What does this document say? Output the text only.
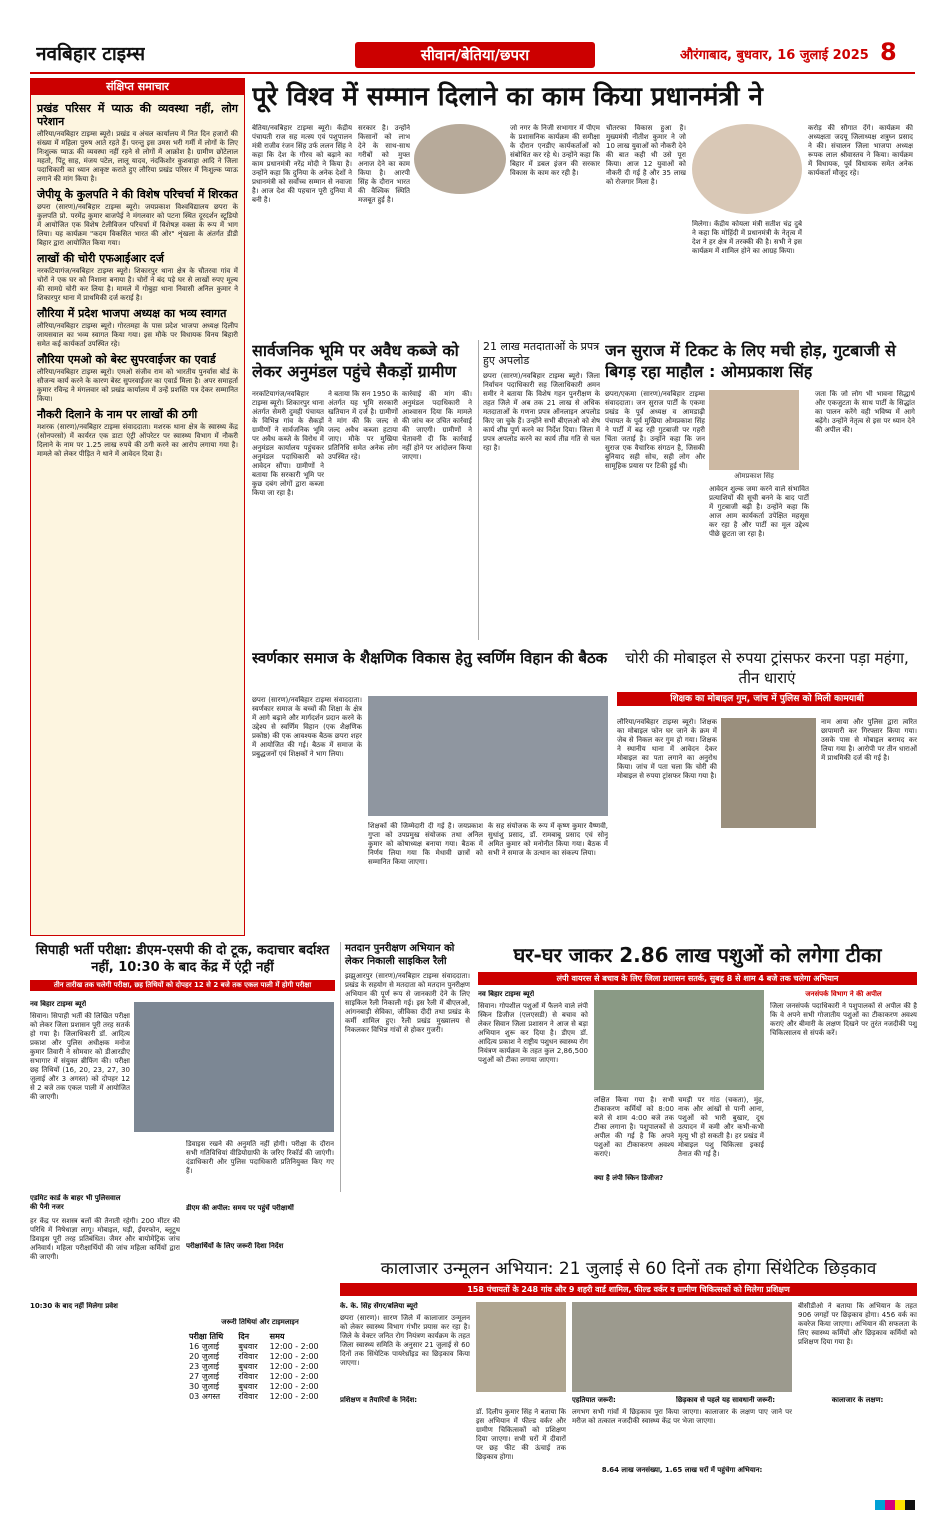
नवबिहार टाइम्स	सीवान/बेतिया/छपरा	औरंगाबाद, बुधवार, 16 जुलाई 2025 8
संक्षिप्त समाचार
प्रखंड परिसर में प्याऊ की व्यवस्था नहीं, लोग परेशान

लौरिया/नवबिहार टाइम्स ब्यूरो। प्रखंड व अंचल कार्यालय में नित दिन हजारों की संख्या में महिला पुरुष आते रहते हैं। परन्तु इस उमस भरी गर्मी में लोगों के लिए निःशुल्क प्याऊ की व्यवस्था नहीं रहने से लोगों में आक्रोश है। ग्रामीण छोटेलाल महतो, पिंटू साह, मंजय पटेल, लालू यादव, नंदकिशोर कुशवाहा आदि ने जिला पदाधिकारी का ध्यान आकृष्ट कराते हुए लौरिया प्रखंड परिसर में निःशुल्क प्याऊ लगाने की मांग किया है।

जेपीयू के कुलपति ने की विशेष परिचर्चा में शिरकत

छपरा (सारण)/नवबिहार टाइम्स ब्यूरो। जयप्रकाश विश्वविद्यालय छपरा के कुलपति प्रो. परमेंद्र कुमार बाजपेई ने मंगलवार को पटना स्थित दूरदर्शन स्टूडियो में आयोजित एक विशेष टेलीविजन परिचर्चा में विशेषज्ञ वक्ता के रूप में भाग लिया। यह कार्यक्रम "कदम विकसित भारत की ओर" शृंखला के अंतर्गत डीडी बिहार द्वारा आयोजित किया गया।

लाखों की चोरी एफआईआर दर्ज

नरकटियागंज/नवबिहार टाइम्स ब्यूरो। शिकारपुर थाना क्षेत्र के चौतरवा गांव में चोरों ने एक घर को निशाना बनाया है। चोरों ने बंद पड़े घर से लाखों रुपए मूल्य की सामग्रे चोरी कर लिया है। मामले में गोबुहा थाना निवासी अनिल कुमार ने शिकारपुर थाना में प्राथमिकी दर्ज कराई है।

लौरिया में प्रदेश भाजपा अध्यक्ष का भव्य स्वागत

लौरिया/नवबिहार टाइम्स ब्यूरो। गोरतमहा के पास प्रदेश भाजपा अध्यक्ष दिलीप जायसवाल का भव्य स्वागत किया गया। इस मौके पर विधायक विनय बिहारी समेत कई कार्यकर्ता उपस्थित रहे।

लौरिया एमओ को बेस्ट सुपरवाईजर का एवार्ड

लौरिया/नवबिहार टाइम्स ब्यूरो। एमओ संजीव राम को भारतीय पुनर्वास बोर्ड के सौजन्य कार्य करने के कारण बेस्ट सुपरवाईजर का एवार्ड मिला है। अपर समाहर्ता कुमार रविन्द्र ने मंगलवार को प्रखंड कार्यालय में उन्हें प्रशस्ति पत्र देकर सम्मानित किया।

नौकरी दिलाने के नाम पर लाखों की ठगी

मशरक (सारण)/नवबिहार टाइम्स संवाददाता। मशरक थाना क्षेत्र के स्वास्थ्य केंद्र (सोनपरसो) में कार्यरत एक डाटा एंट्री ऑपरेटर पर स्वास्थ्य विभाग में नौकरी दिलाने के नाम पर 1.25 लाख रुपये की ठगी करने का आरोप लगाया गया है। मामले को लेकर पीड़ित ने थाने में आवेदन दिया है।

पूरे विश्व में सम्मान दिलाने का काम किया प्रधानमंत्री ने
बेतिया/नवबिहार टाइम्स ब्यूरो। केंद्रीय पंचायती राज सह मत्स्य एवं पशुपालन मंत्री राजीव रंजन सिंह उर्फ ललन सिंह ने कहा कि देश के गौरव को बढ़ाने का काम प्रधानमंत्री नरेंद्र मोदी ने किया है। उन्होंने कहा कि दुनिया के अनेक देशों ने प्रधानमंत्री को सर्वोच्च सम्मान से नवाजा है। आज देश की पहचान पूरी दुनिया में बनी है।
सरकार है। उन्होंने किसानों को लाभ देने के साथ-साथ गरीबों को मुफ्त अनाज देने का काम किया है। आरपी सिंह के दौरान भारत की वैश्विक स्थिति मजबूत हुई है।
जो नगर के निजी सभागार में पीएम के प्रशासनिक कार्यक्रम की समीक्षा के दौरान एनडीए कार्यकर्ताओं को संबोधित कर रहे थे। उन्होंने कहा कि बिहार में डबल इंजन की सरकार विकास के काम कर रही है।
चौतरफा विकास हुआ है। मुख्यमंत्री नीतीश कुमार ने जो 10 लाख युवाओं को नौकरी देने की बात कही थी उसे पूरा किया। आज 12 युवाओं को नौकरी दी गई है और 35 लाख को रोजगार मिला है।
मिलेगा। केंद्रीय कोयला मंत्री सतीश चंद्र दुबे ने कहा कि मोहिंदी में प्रधानमंत्री के नेतृत्व में देश ने हर क्षेत्र में तरक्की की है। सभी ने इस कार्यक्रम में शामिल होने का आग्रह किया।
करोड़ की सौगात देंगे। कार्यक्रम की अध्यक्षता जदयू जिलाध्यक्ष शत्रुघ्न प्रसाद ने की। संचालन जिला भाजपा अध्यक्ष रूपक लाल श्रीवास्तव ने किया। कार्यक्रम में विधायक, पूर्व विधायक समेत अनेक कार्यकर्ता मौजूद रहे।
सार्वजनिक भूमि पर अवैध कब्जे को लेकर अनुमंडल पहुंचे सैकड़ों ग्रामीण
नरकटियागंज/नवबिहार टाइम्स ब्यूरो। शिकारपुर थाना अंतर्गत सेमरी दुमही पंचायत के विभिन्न गांव के सैकड़ों ग्रामीणों ने सार्वजनिक भूमि पर अवैध कब्जे के विरोध में अनुमंडल कार्यालय पहुंचकर अनुमंडल पदाधिकारी को आवेदन सौंपा। ग्रामीणों ने बताया कि सरकारी भूमि पर कुछ दबंग लोगों द्वारा कब्जा किया जा रहा है।
ने बताया कि सन 1950 के अंतर्गत यह भूमि सरकारी खतियान में दर्ज है। ग्रामीणों ने मांग की कि जल्द से जल्द अवैध कब्जा हटाया जाए। मौके पर मुखिया प्रतिनिधि समेत अनेक लोग उपस्थित रहे।
कार्रवाई की मांग की। अनुमंडल पदाधिकारी ने आश्वासन दिया कि मामले की जांच कर उचित कार्रवाई की जाएगी। ग्रामीणों ने चेतावनी दी कि कार्रवाई नहीं होने पर आंदोलन किया जाएगा।
21 लाख मतदाताओं के प्रपत्र हुए अपलोड
छपरा (सारण)/नवबिहार टाइम्स ब्यूरो। जिला निर्वाचन पदाधिकारी सह जिलाधिकारी अमन समीर ने बताया कि विशेष गहन पुनरीक्षण के तहत जिले में अब तक 21 लाख से अधिक मतदाताओं के गणना प्रपत्र ऑनलाइन अपलोड किए जा चुके हैं। उन्होंने सभी बीएलओ को शेष कार्य शीघ्र पूर्ण करने का निर्देश दिया। जिला में प्रपत्र अपलोड करने का कार्य तीव्र गति से चल रहा है।
जन सुराज में टिकट के लिए मची होड़, गुटबाजी से बिगड़ रहा माहौल : ओमप्रकाश सिंह
छपरा/एकमा (सारण)/नवबिहार टाइम्स संवाददाता। जन सुराज पार्टी के एकमा प्रखंड के पूर्व अध्यक्ष व आमडाढ़ी पंचायत के पूर्व मुखिया ओमप्रकाश सिंह ने पार्टी में बढ़ रही गुटबाजी पर गहरी चिंता जताई है। उन्होंने कहा कि जन सुराज एक वैचारिक संगठन है, जिसकी बुनियाद सही सोच, सही लोग और सामूहिक प्रयास पर टिकी हुई थी।
ओमप्रकाश सिंह
आवेदन शुल्क जमा करने वाले संभावित प्रत्याशियों की सूची बनने के बाद पार्टी में गुटबाजी बढ़ी है। उन्होंने कहा कि आज आम कार्यकर्ता उपेक्षित महसूस कर रहा है और पार्टी का मूल उद्देश्य पीछे छूटता जा रहा है।
जता कि जो लोग भी भावना सिद्धार्थ और एकजुटता के साथ पार्टी के सिद्धांत का पालन करेंगे वही भविष्य में आगे बढ़ेंगे। उन्होंने नेतृत्व से इस पर ध्यान देने की अपील की।
स्वर्णकार समाज के शैक्षणिक विकास हेतु स्वर्णिम विहान की बैठक
छपरा (सारण)/नवबिहार टाइम्स संवाददाता। स्वर्णकार समाज के बच्चों की शिक्षा के क्षेत्र में आगे बढ़ाने और मार्गदर्शन प्रदान करने के उद्देश्य से स्वर्णिम विहान (एक शैक्षणिक प्रकोष्ठ) की एक आवश्यक बैठक छपरा शहर में आयोजित की गई। बैठक में समाज के प्रबुद्धजनों एवं शिक्षकों ने भाग लिया।
शिक्षकों की जिम्मेदारी दी गई है। जयप्रकाश गुप्ता को उपप्रमुख संयोजक तथा अनिल कुमार को कोषाध्यक्ष बनाया गया। बैठक में निर्णय लिया गया कि मेधावी छात्रों को सम्मानित किया जाएगा।
के सह संयोजक के रूप में कृष्ण कुमार वैष्णवी, सुधांशु प्रसाद, डॉ. रामबाबू प्रसाद एवं सोनू अमित कुमार को मनोनीत किया गया। बैठक में सभी ने समाज के उत्थान का संकल्प लिया।
चोरी की मोबाइल से रुपया ट्रांसफर करना पड़ा महंगा, तीन धाराएं
शिक्षक का मोबाइल गुम, जांच में पुलिस को मिली कामयाबी
लौरिया/नवबिहार टाइम्स ब्यूरो। शिक्षक का मोबाइल फोन घर जाने के क्रम में जेब से निकल कर गुम हो गया। शिक्षक ने स्थानीय थाना में आवेदन देकर मोबाइल का पता लगाने का अनुरोध किया। जांच में पता चला कि चोरी की मोबाइल से रुपया ट्रांसफर किया गया है।
नाम आया और पुलिस द्वारा त्वरित छापामारी कर गिरफ्तार किया गया। उसके पास से मोबाइल बरामद कर लिया गया है। आरोपी पर तीन धाराओं में प्राथमिकी दर्ज की गई है।
सिपाही भर्ती परीक्षा: डीएम-एसपी की दो टूक, कदाचार बर्दाश्त नहीं, 10:30 के बाद केंद्र में एंट्री नहीं
तीन तारीख तक चलेगी परीक्षा, छह तिथियों को दोपहर 12 से 2 बजे तक एकल पाली में होगी परीक्षा
नव बिहार टाइम्स ब्यूरो
सिवान। सिपाही भर्ती की लिखित परीक्षा को लेकर जिला प्रशासन पूरी तरह सतर्क हो गया है। जिलाधिकारी डॉ. आदित्य प्रकाश और पुलिस अधीक्षक मनोज कुमार तिवारी ने सोमवार को डीआरडीए सभागार में संयुक्त ब्रीफिंग की। परीक्षा छह तिथियों (16, 20, 23, 27, 30 जुलाई और 3 अगस्त) को दोपहर 12 से 2 बजे तक एकल पाली में आयोजित की जाएगी।
एडमिट कार्ड के बाहर भी पुलिसवाल की पैनी नजर
हर केंद्र पर सशस्त्र बलों की तैनाती रहेगी। 200 मीटर की परिधि में निषेधाज्ञा लागू। मोबाइल, घड़ी, ईयरफोन, ब्लूटूथ डिवाइस पूरी तरह प्रतिबंधित। जैमर और बायोमेट्रिक जांच अनिवार्य। महिला परीक्षार्थियों की जांच महिला कर्मियों द्वारा की जाएगी।
10:30 के बाद नहीं मिलेगा प्रवेश
डिवाइस रखने की अनुमति नहीं होगी। परीक्षा के दौरान सभी गतिविधियां वीडियोग्राफी के जरिए रिकॉर्ड की जाएंगी। दंडाधिकारी और पुलिस पदाधिकारी प्रतिनियुक्त किए गए हैं।
डीएम की अपील: समय पर पहुंचें परीक्षार्थी
परीक्षार्थियों के लिए जरूरी दिशा निर्देश
जरूरी तिथियां और टाइमलाइन
परीक्षा तिथि	दिन	समय
16 जुलाई	बुधवार	12:00 - 2:00
20 जुलाई	रविवार	12:00 - 2:00
23 जुलाई	बुधवार	12:00 - 2:00
27 जुलाई	रविवार	12:00 - 2:00
30 जुलाई	बुधवार	12:00 - 2:00
03 अगस्त	रविवार	12:00 - 2:00
मतदान पुनरीक्षण अभियान को लेकर निकाली साइकिल रैली
झझुआरपुर (सारण)/नवबिहार टाइम्स संवाददाता। प्रखंड के सहयोग से मतदाता को मतदान पुनरीक्षण अभियान की पूर्ण रूप से जानकारी देने के लिए साइकिल रैली निकाली गई। इस रैली में बीएलओ, आंगनबाड़ी सेविका, जीविका दीदी तथा प्रखंड के कर्मी शामिल हुए। रैली प्रखंड मुख्यालय से निकलकर विभिन्न गांवों से होकर गुजरी।
घर-घर जाकर 2.86 लाख पशुओं को लगेगा टीका
लंपी वायरस से बचाव के लिए जिला प्रशासन सतर्क, सुबह 8 से शाम 4 बजे तक चलेगा अभियान
नव बिहार टाइम्स ब्यूरो
सिवान। गोपशील पशुओं में फैलने वाले लंपी स्किन डिजीज (एलएसडी) से बचाव को लेकर सिवान जिला प्रशासन ने आज से बड़ा अभियान शुरू कर दिया है। डीएम डॉ. आदित्य प्रकाश ने राष्ट्रीय पशुधन स्वास्थ्य रोग नियंत्रण कार्यक्रम के तहत कुल 2,86,500 पशुओं को टीका लगाया जाएगा।
लक्षित किया गया है। सभी टीकाकरण कर्मियों को 8:00 बजे से शाम 4:00 बजे तक टीका लगाना है। पशुपालकों से अपील की गई है कि अपने पशुओं का टीकाकरण अवश्य कराएं।
क्या है लंपी स्किन डिजीज?
चमड़ी पर गांठ (चकता), मुंह, नाक और आंखों से पानी आना, पशुओं को भारी बुखार, दूध उत्पादन में कमी और कभी-कभी मृत्यु भी हो सकती है। हर प्रखंड में मोबाइल पशु चिकित्सा इकाई तैनात की गई है।
जनसंपर्क विभाग ने की अपील
जिला जनसंपर्क पदाधिकारी ने पशुपालकों से अपील की है कि वे अपने सभी गोजातीय पशुओं का टीकाकरण अवश्य कराएं और बीमारी के लक्षण दिखने पर तुरंत नजदीकी पशु चिकित्सालय से संपर्क करें।
कालाजार उन्मूलन अभियान: 21 जुलाई से 60 दिनों तक होगा सिंथेटिक छिड़काव
158 पंचायतों के 248 गांव और 9 शहरी वार्ड शामिल, फील्ड वर्कर व ग्रामीण चिकित्सकों को मिलेगा प्रशिक्षण
के. के. सिंह सेंगर/बलिया ब्यूरो
छपरा (सारण)। सारण जिले में कालाजार उन्मूलन को लेकर स्वास्थ्य विभाग गंभीर प्रयास कर रहा है। जिले के वेक्टर जनित रोग नियंत्रण कार्यक्रम के तहत जिला स्वास्थ्य समिति के अनुसार 21 जुलाई से 60 दिनों तक सिंथेटिक पायरेथ्रॉइड का छिड़काव किया जाएगा।
प्रशिक्षण व तैयारियों के निर्देश:
डॉ. दिलीप कुमार सिंह ने बताया कि इस अभियान में फील्ड वर्कर और ग्रामीण चिकित्सकों को प्रशिक्षण दिया जाएगा। सभी घरों में दीवारों पर छह फीट की ऊंचाई तक छिड़काव होगा।
एहतियात जरूरी:	छिड़काव से पहले यह सावधानी जरूरी:
लगभग सभी गांवों में छिड़काव पूरा किया जाएगा। कालाजार के लक्षण पाए जाने पर मरीज को तत्काल नजदीकी स्वास्थ्य केंद्र पर भेजा जाएगा।
8.64 लाख जनसंख्या, 1.65 लाख घरों में पहुंचेगा अभियान:
बीसीडीओ ने बताया कि अभियान के तहत 906 जगहों पर छिड़काव होगा। 456 वर्क का कवरेज किया जाएगा। अभियान की सफलता के लिए स्वास्थ्य कर्मियों और छिड़काव कर्मियों को प्रशिक्षण दिया गया है।
कालाजार के लक्षण:
